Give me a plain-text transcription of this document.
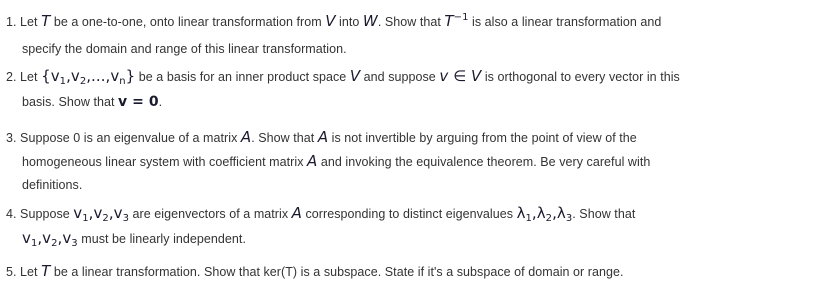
1. Let T be a one-to-one, onto linear transformation from V into W. Show that $T^{-1}$ is also a linear transformation and
specify the domain and range of this linear transformation.
2. Let $\{v_1,v_2,...,v_n\}$ be a basis for an inner product space V and suppose v ∈ V is orthogonal to every vector in this
basis. Show that v = 0.
3. Suppose 0 is an eigenvalue of a matrix A. Show that A is not invertible by arguing from the point of view of the
homogeneous linear system with coefficient matrix A and invoking the equivalence theorem. Be very careful with
definitions.
4. Suppose $v_1,v_2,v_3$ are eigenvectors of a matrix A corresponding to distinct eigenvalues $\lambda_1,\lambda_2,\lambda_3$. Show that
$v_1,v_2,v_3$ must be linearly independent.
5. Let T be a linear transformation. Show that ker(T) is a subspace. State if it's a subspace of domain or range.
